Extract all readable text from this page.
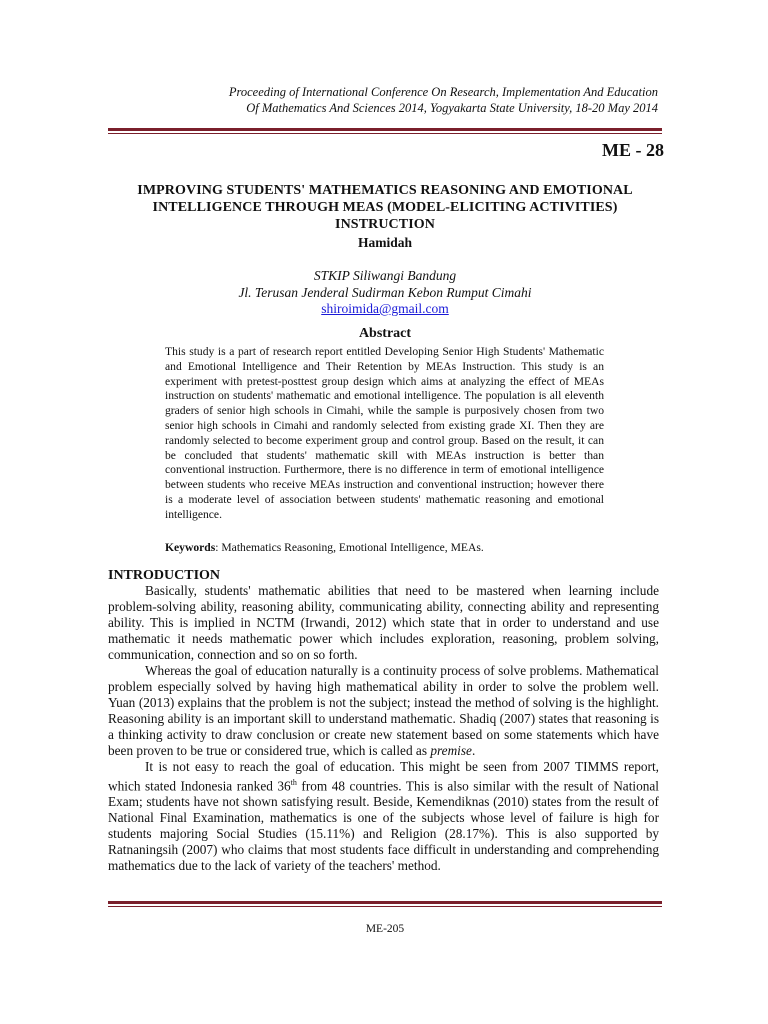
Proceeding of International Conference On Research, Implementation And Education
Of Mathematics And Sciences 2014, Yogyakarta State University, 18-20 May 2014
ME - 28
IMPROVING STUDENTS' MATHEMATICS REASONING AND EMOTIONAL
INTELLIGENCE THROUGH MEAS (MODEL-ELICITING ACTIVITIES)
INSTRUCTION
Hamidah
STKIP Siliwangi Bandung
Jl. Terusan Jenderal Sudirman Kebon Rumput Cimahi
shiroimida@gmail.com
Abstract
This study is a part of research report entitled Developing Senior High Students' Mathematic and Emotional Intelligence and Their Retention by MEAs Instruction. This study is an experiment with pretest-posttest group design which aims at analyzing the effect of MEAs instruction on students' mathematic and emotional intelligence. The population is all eleventh graders of senior high schools in Cimahi, while the sample is purposively chosen from two senior high schools in Cimahi and randomly selected from existing grade XI. Then they are randomly selected to become experiment group and control group. Based on the result, it can be concluded that students' mathematic skill with MEAs instruction is better than conventional instruction. Furthermore, there is no difference in term of emotional intelligence between students who receive MEAs instruction and conventional instruction; however there is a moderate level of association between students' mathematic reasoning and emotional intelligence.
Keywords: Mathematics Reasoning, Emotional Intelligence, MEAs.
INTRODUCTION

Basically, students' mathematic abilities that need to be mastered when learning include problem-solving ability, reasoning ability, communicating ability, connecting ability and representing ability. This is implied in NCTM (Irwandi, 2012) which state that in order to understand and use mathematic it needs mathematic power which includes exploration, reasoning, problem solving, communication, connection and so on so forth.

Whereas the goal of education naturally is a continuity process of solve problems. Mathematical problem especially solved by having high mathematical ability in order to solve the problem well. Yuan (2013) explains that the problem is not the subject; instead the method of solving is the highlight. Reasoning ability is an important skill to understand mathematic. Shadiq (2007) states that reasoning is a thinking activity to draw conclusion or create new statement based on some statements which have been proven to be true or considered true, which is called as premise.

It is not easy to reach the goal of education. This might be seen from 2007 TIMMS report, which stated Indonesia ranked 36th from 48 countries. This is also similar with the result of National Exam; students have not shown satisfying result. Beside, Kemendiknas (2010) states from the result of National Final Examination, mathematics is one of the subjects whose level of failure is high for students majoring Social Studies (15.11%) and Religion (28.17%). This is also supported by Ratnaningsih (2007) who claims that most students face difficult in understanding and comprehending mathematics due to the lack of variety of the teachers' method.

ME-205
